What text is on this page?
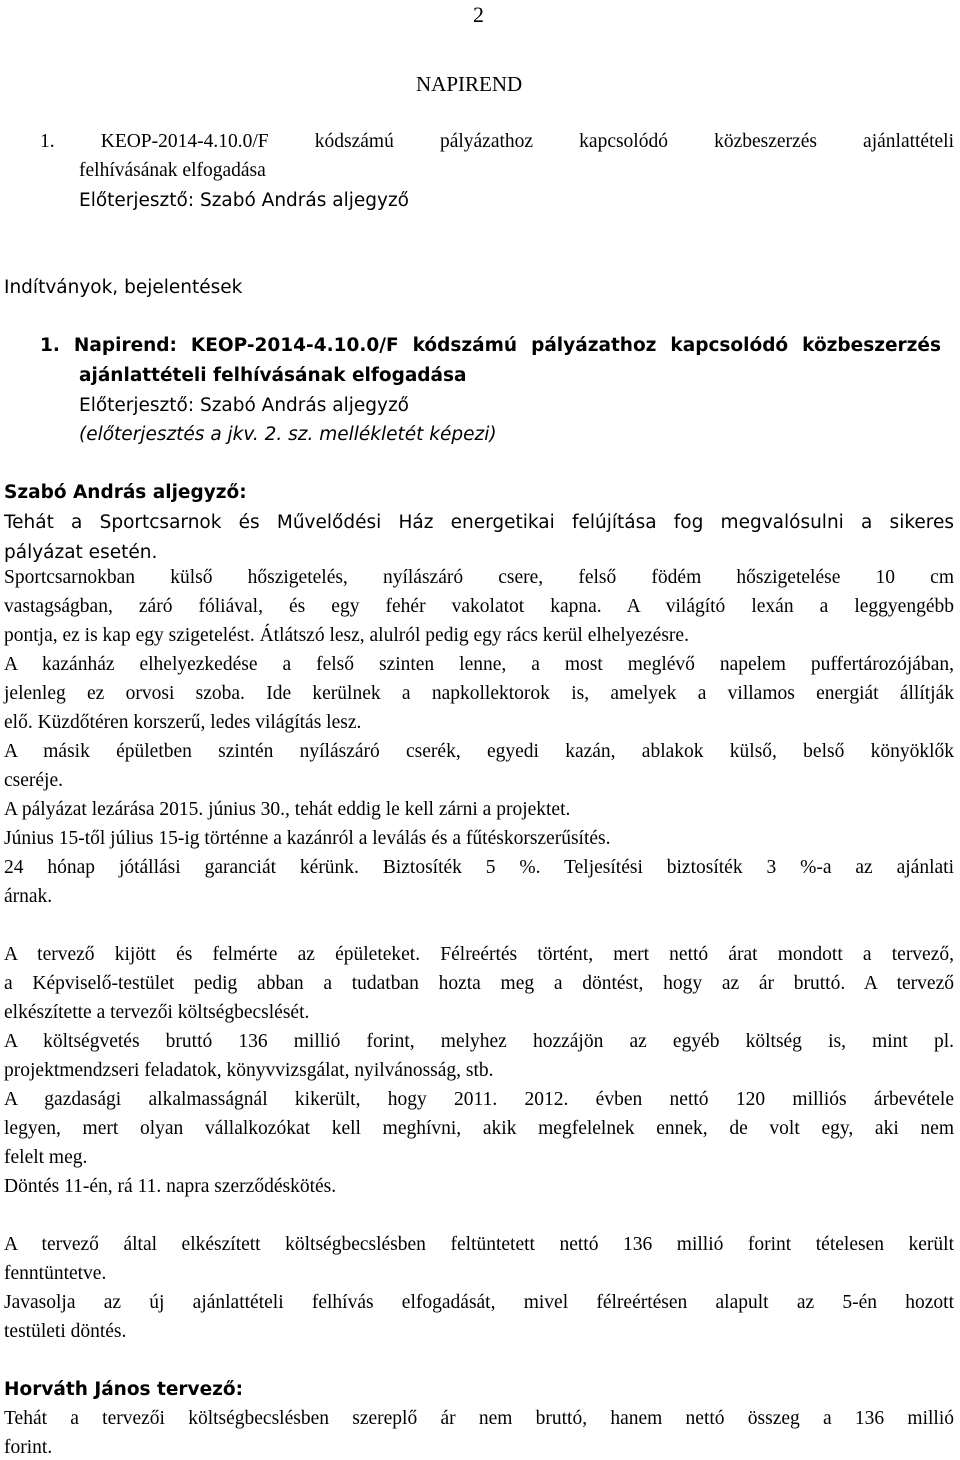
2
NAPIREND
1. KEOP-2014-4.10.0/F kódszámú pályázathoz kapcsolódó közbeszerzés ajánlattételi
felhívásának elfogadása
Előterjesztő: Szabó András aljegyző
Indítványok, bejelentések
1. Napirend: KEOP-2014-4.10.0/F kódszámú pályázathoz kapcsolódó közbeszerzés
ajánlattételi felhívásának elfogadása
Előterjesztő: Szabó András aljegyző
(előterjesztés a jkv. 2. sz. mellékletét képezi)
Szabó András aljegyző:
Tehát a Sportcsarnok és Művelődési Ház energetikai felújítása fog megvalósulni a sikeres
pályázat esetén.
Sportcsarnokban külső hőszigetelés, nyílászáró csere, felső födém hőszigetelése 10 cm
vastagságban, záró fóliával, és egy fehér vakolatot kapna. A világító lexán a leggyengébb
pontja, ez is kap egy szigetelést. Átlátszó lesz, alulról pedig egy rács kerül elhelyezésre.
A kazánház elhelyezkedése a felső szinten lenne, a most meglévő napelem puffertározójában,
jelenleg ez orvosi szoba. Ide kerülnek a napkollektorok is, amelyek a villamos energiát állítják
elő. Küzdőtéren korszerű, ledes világítás lesz.
A másik épületben szintén nyílászáró cserék, egyedi kazán, ablakok külső, belső könyöklők
cseréje.
A pályázat lezárása 2015. június 30., tehát eddig le kell zárni a projektet.
Június 15-től július 15-ig történne a kazánról a leválás és a fűtéskorszerűsítés.
24 hónap jótállási garanciát kérünk. Biztosíték 5 %. Teljesítési biztosíték 3 %-a az ajánlati
árnak.
A tervező kijött és felmérte az épületeket. Félreértés történt, mert nettó árat mondott a tervező,
a Képviselő-testület pedig abban a tudatban hozta meg a döntést, hogy az ár bruttó. A tervező
elkészítette a tervezői költségbecslését.
A költségvetés bruttó 136 millió forint, melyhez hozzájön az egyéb költség is, mint pl.
projektmendzseri feladatok, könyvvizsgálat, nyilvánosság, stb.
A gazdasági alkalmasságnál kikerült, hogy 2011. 2012. évben nettó 120 milliós árbevétele
legyen, mert olyan vállalkozókat kell meghívni, akik megfelelnek ennek, de volt egy, aki nem
felelt meg.
Döntés 11-én, rá 11. napra szerződéskötés.
A tervező által elkészített költségbecslésben feltüntetett nettó 136 millió forint tételesen került
fenntüntetve.
Javasolja az új ajánlattételi felhívás elfogadását, mivel félreértésen alapult az 5-én hozott
testületi döntés.
Horváth János tervező:
Tehát a tervezői költségbecslésben szereplő ár nem bruttó, hanem nettó összeg a 136 millió
forint.
